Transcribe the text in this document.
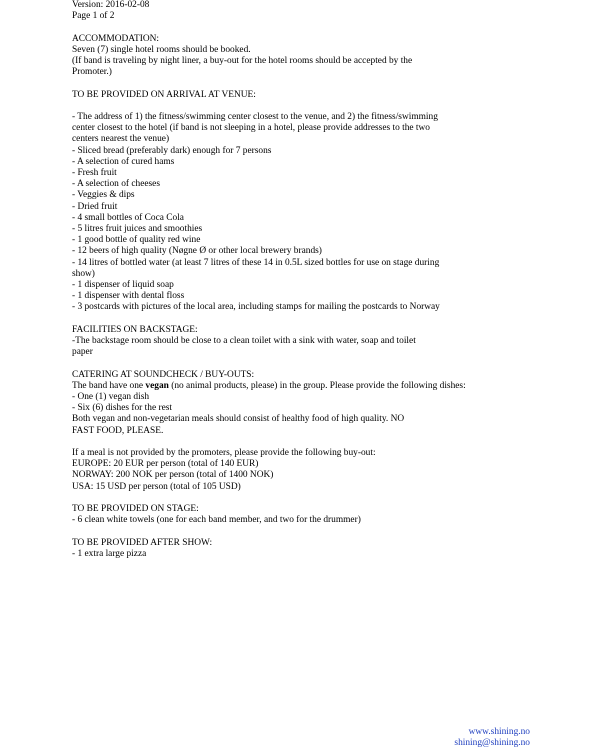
Version: 2016-02-08
Page 1 of 2
ACCOMMODATION:
Seven (7) single hotel rooms should be booked.
(If band is traveling by night liner, a buy-out for the hotel rooms should be accepted by the
Promoter.)
TO BE PROVIDED ON ARRIVAL AT VENUE:
- The address of 1) the fitness/swimming center closest to the venue, and 2) the fitness/swimming
center closest to the hotel (if band is not sleeping in a hotel, please provide addresses to the two
centers nearest the venue)
- Sliced bread (preferably dark) enough for 7 persons
- A selection of cured hams
- Fresh fruit
- A selection of cheeses
- Veggies & dips
- Dried fruit
- 4 small bottles of Coca Cola
- 5 litres fruit juices and smoothies
- 1 good bottle of quality red wine
- 12 beers of high quality (Nøgne Ø or other local brewery brands)
- 14 litres of bottled water (at least 7 litres of these 14 in 0.5L sized bottles for use on stage during
show)
- 1 dispenser of liquid soap
- 1 dispenser with dental floss
- 3 postcards with pictures of the local area, including stamps for mailing the postcards to Norway
FACILITIES ON BACKSTAGE:
-The backstage room should be close to a clean toilet with a sink with water, soap and toilet
paper
CATERING AT SOUNDCHECK / BUY-OUTS:
The band have one vegan (no animal products, please) in the group. Please provide the following dishes:
- One (1) vegan dish
- Six (6) dishes for the rest
Both vegan and non-vegetarian meals should consist of healthy food of high quality. NO
FAST FOOD, PLEASE.
If a meal is not provided by the promoters, please provide the following buy-out:
EUROPE: 20 EUR per person (total of 140 EUR)
NORWAY: 200 NOK per person (total of 1400 NOK)
USA: 15 USD per person (total of 105 USD)
TO BE PROVIDED ON STAGE:
- 6 clean white towels (one for each band member, and two for the drummer)
TO BE PROVIDED AFTER SHOW:
- 1 extra large pizza
www.shining.no
shining@shining.no
